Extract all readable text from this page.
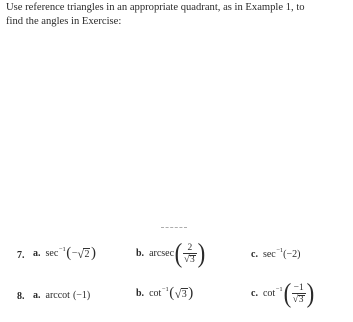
Use reference triangles in an appropriate quadrant, as in Example 1, to
find the angles in Exercise:
7. a. sec −1 ( − √ 2 )	b. arcsec ( $\frac{2}{√ 3}$ )	c. sec −1 (−2)
8. a. arccot (−1)	b. cot −1 ( √ 3 )	c. cot −1 ( $\frac{-1}{√ 3}$ )
